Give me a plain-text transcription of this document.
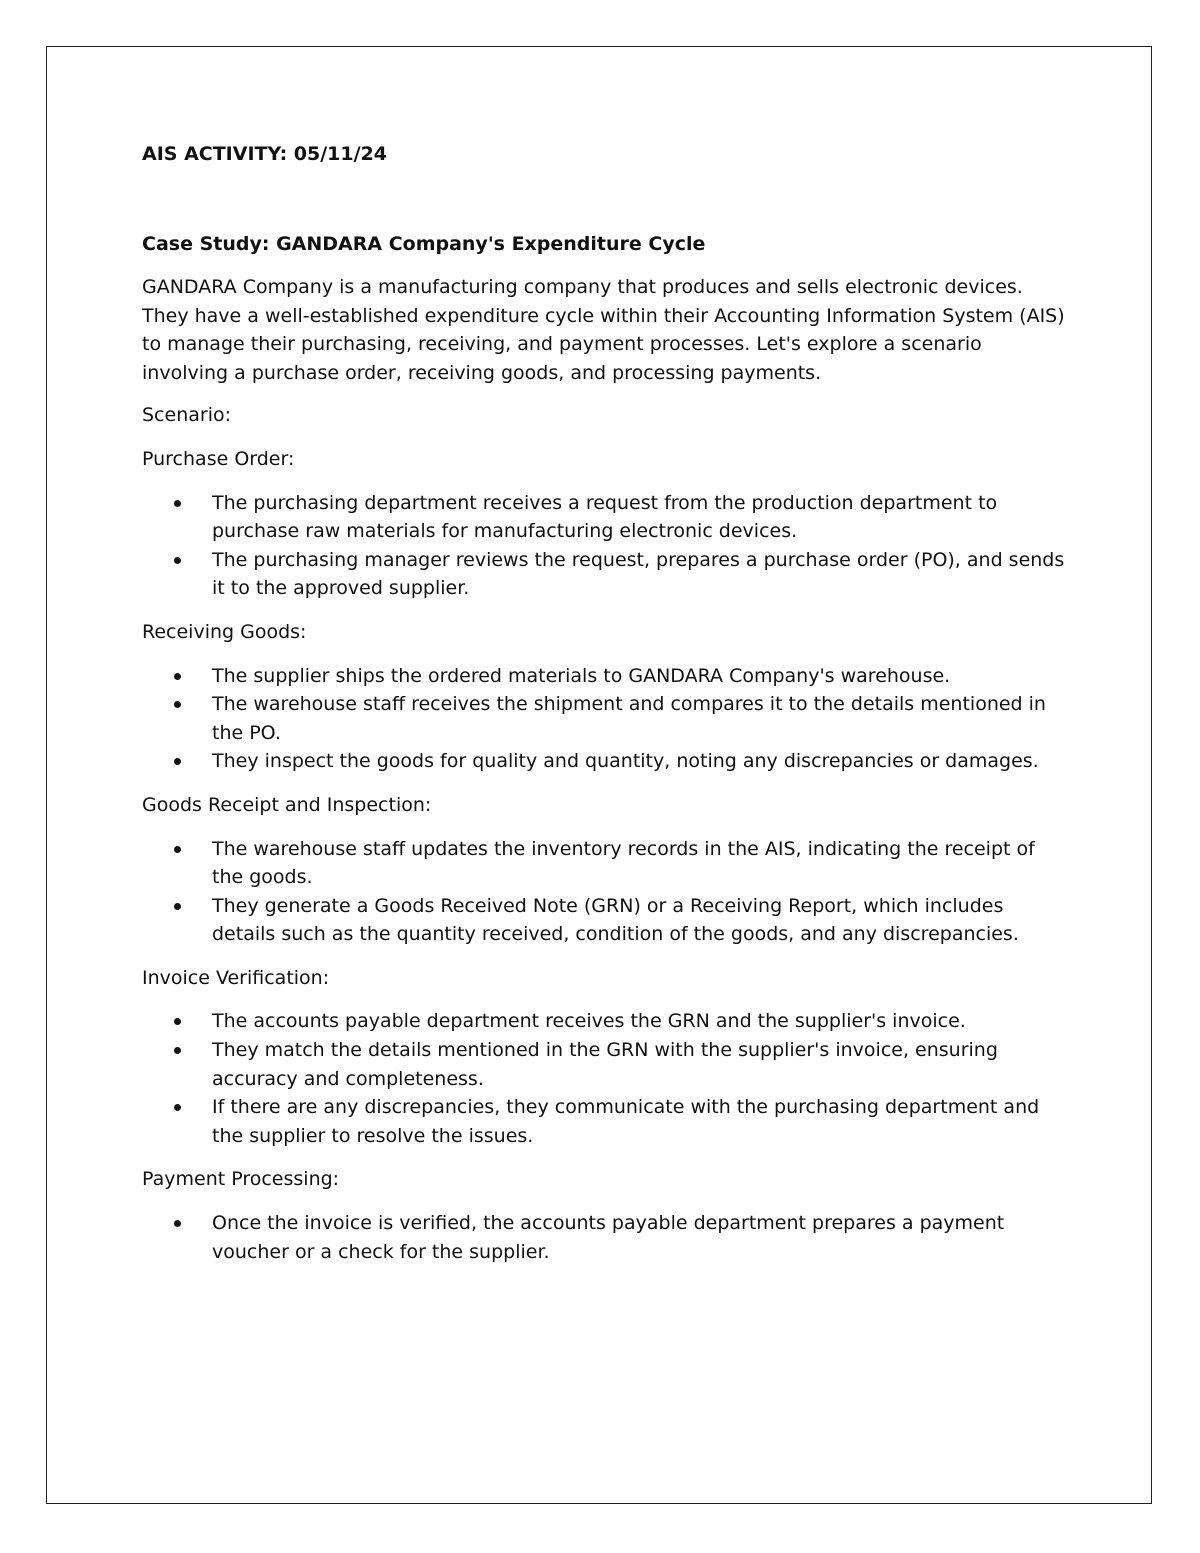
AIS ACTIVITY: 05/11/24
Case Study: GANDARA Company's Expenditure Cycle

GANDARA Company is a manufacturing company that produces and sells electronic devices. They have a well-established expenditure cycle within their Accounting Information System (AIS) to manage their purchasing, receiving, and payment processes. Let's explore a scenario involving a purchase order, receiving goods, and processing payments.

Scenario:
Purchase Order:
The purchasing department receives a request from the production department to purchase raw materials for manufacturing electronic devices.
The purchasing manager reviews the request, prepares a purchase order (PO), and sends it to the approved supplier.
Receiving Goods:
The supplier ships the ordered materials to GANDARA Company's warehouse.
The warehouse staff receives the shipment and compares it to the details mentioned in the PO.
They inspect the goods for quality and quantity, noting any discrepancies or damages.
Goods Receipt and Inspection:
The warehouse staff updates the inventory records in the AIS, indicating the receipt of the goods.
They generate a Goods Received Note (GRN) or a Receiving Report, which includes details such as the quantity received, condition of the goods, and any discrepancies.
Invoice Verification:
The accounts payable department receives the GRN and the supplier's invoice.
They match the details mentioned in the GRN with the supplier's invoice, ensuring accuracy and completeness.
If there are any discrepancies, they communicate with the purchasing department and the supplier to resolve the issues.
Payment Processing:
Once the invoice is verified, the accounts payable department prepares a payment voucher or a check for the supplier.
